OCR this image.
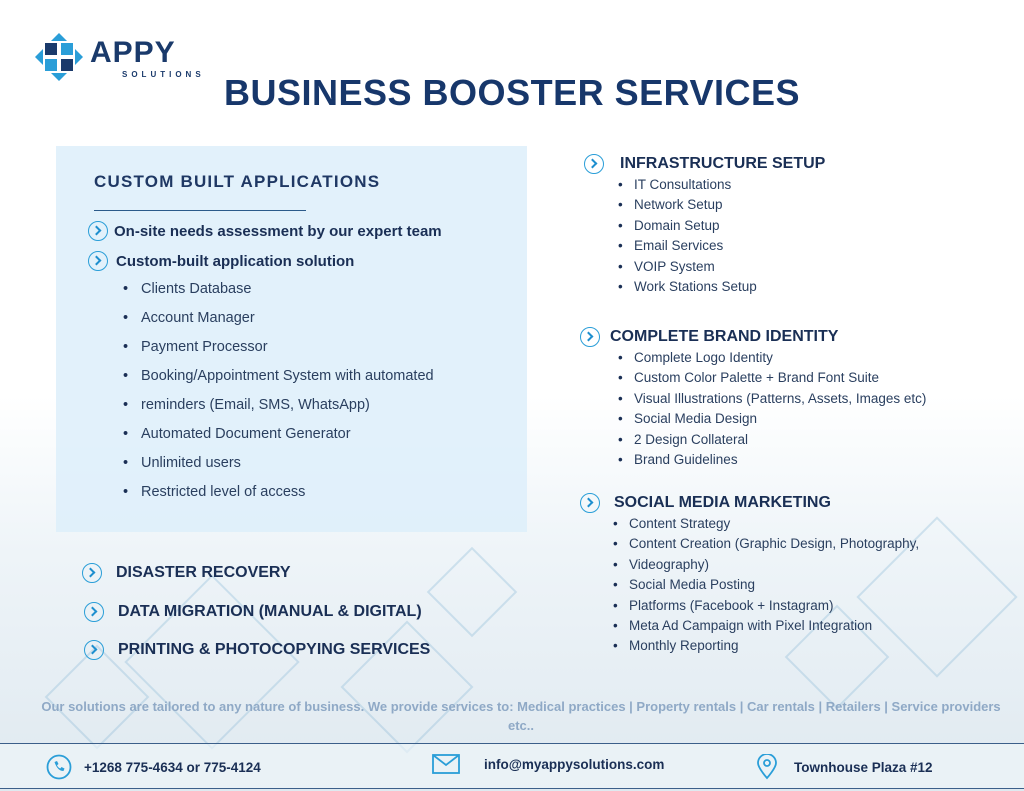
APPY
SOLUTIONS BUSINESS BOOSTER SERVICES
CUSTOM BUILT APPLICATIONS
On-site needs assessment by our expert team
Custom-built application solution
• Clients Database
• Account Manager
• Payment Processor
• Booking/Appointment System with automated
• reminders (Email, SMS, WhatsApp)
• Automated Document Generator
• Unlimited users
• Restricted level of access
DISASTER RECOVERY
DATA MIGRATION (MANUAL & DIGITAL)
PRINTING & PHOTOCOPYING SERVICES
INFRASTRUCTURE SETUP
• IT Consultations
• Network Setup
• Domain Setup
• Email Services
• VOIP System
• Work Stations Setup
COMPLETE BRAND IDENTITY
• Complete Logo Identity
• Custom Color Palette + Brand Font Suite
• Visual Illustrations (Patterns, Assets, Images etc)
• Social Media Design
• 2 Design Collateral
• Brand Guidelines
SOCIAL MEDIA MARKETING
• Content Strategy
• Content Creation (Graphic Design, Photography,
• Videography)
• Social Media Posting
• Platforms (Facebook + Instagram)
• Meta Ad Campaign with Pixel Integration
• Monthly Reporting
Our solutions are tailored to any nature of business. We provide services to: Medical practices | Property rentals | Car rentals | Retailers | Service providers etc..
+1268 775-4634 or 775-4124	info@myappysolutions.com	Townhouse Plaza #12
